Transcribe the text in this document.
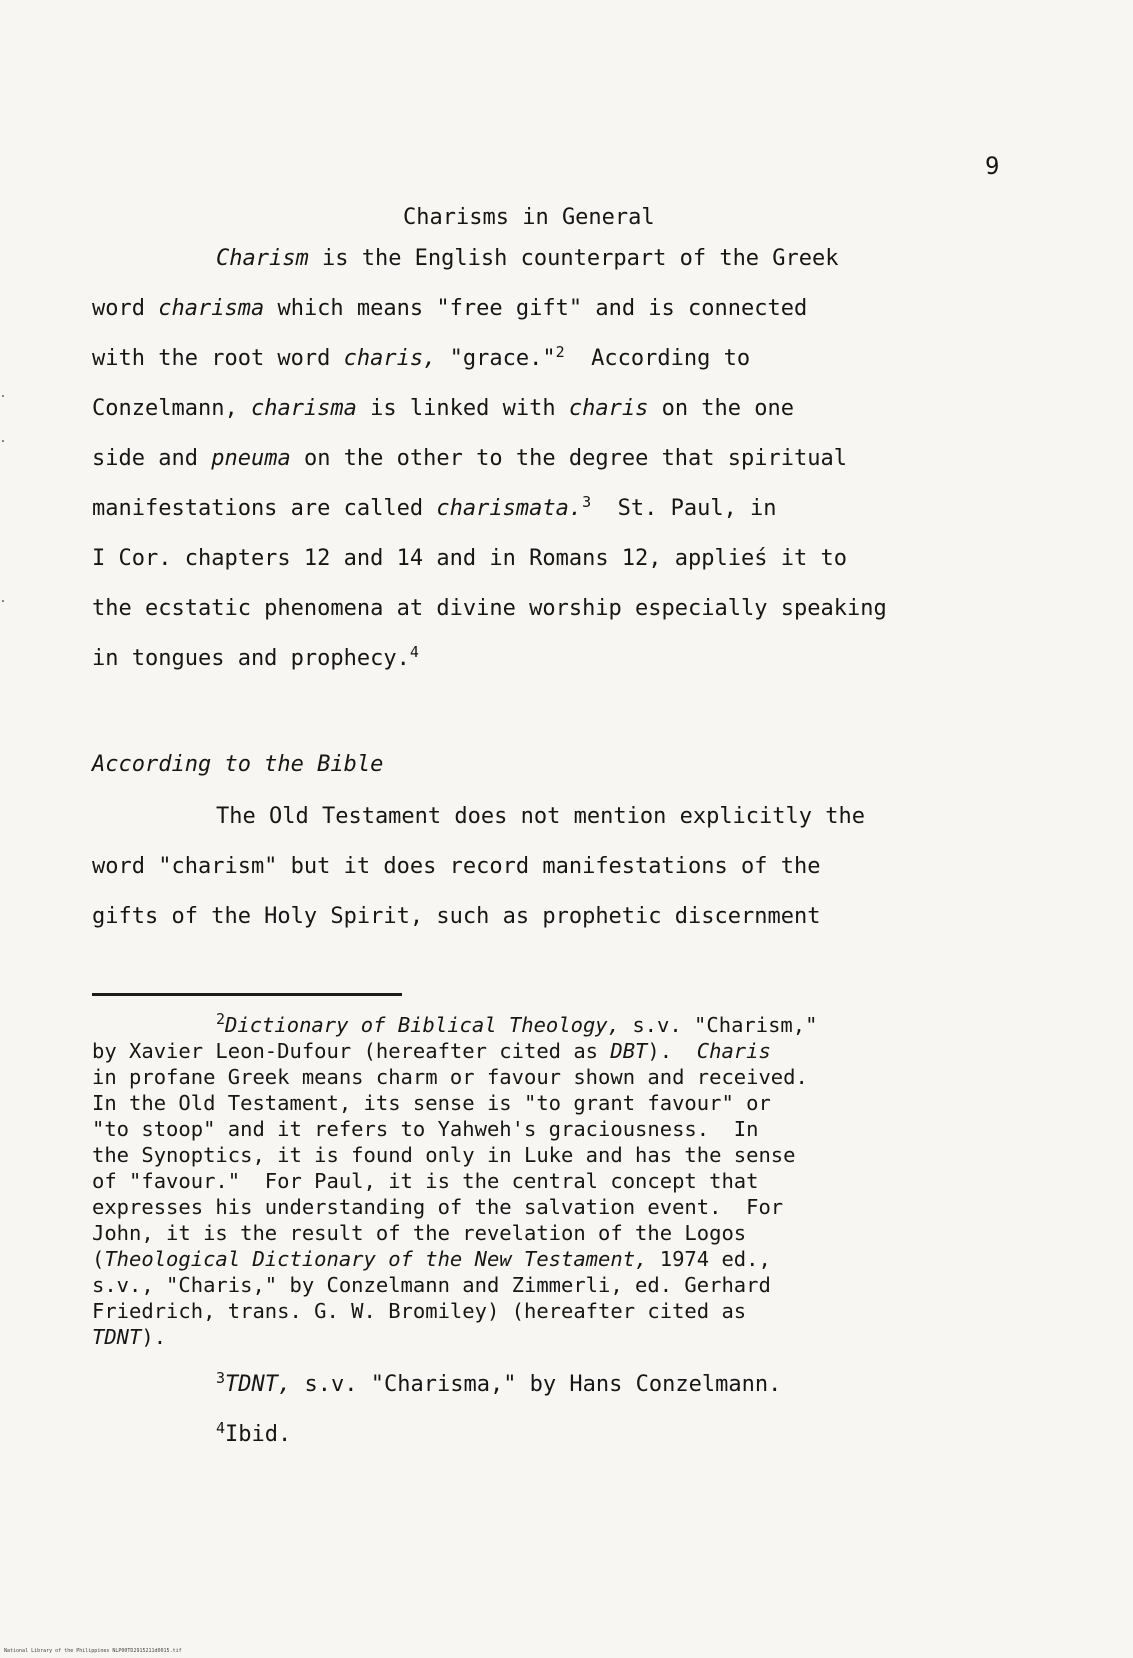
9
Charisms in General
Charism is the English counterpart of the Greek
word charisma which means "free gift" and is connected
with the root word charis, "grace."$^2$  According to
Conzelmann, charisma is linked with charis on the one
side and pneuma on the other to the degree that spiritual
manifestations are called charismata.$^3$  St. Paul, in
I Cor. chapters 12 and 14 and in Romans 12, applieś it to
the ecstatic phenomena at divine worship especially speaking
in tongues and prophecy.$^4$
According to the Bible
The Old Testament does not mention explicitly the
word "charism" but it does record manifestations of the
gifts of the Holy Spirit, such as prophetic discernment
$^2$Dictionary of Biblical Theology, s.v. "Charism,"
by Xavier Leon-Dufour (hereafter cited as DBT).  Charis
in profane Greek means charm or favour shown and received.
In the Old Testament, its sense is "to grant favour" or
"to stoop" and it refers to Yahweh's graciousness.  In
the Synoptics, it is found only in Luke and has the sense
of "favour."  For Paul, it is the central concept that
expresses his understanding of the salvation event.  For
John, it is the result of the revelation of the Logos
(Theological Dictionary of the New Testament, 1974 ed.,
s.v., "Charis," by Conzelmann and Zimmerli, ed. Gerhard
Friedrich, trans. G. W. Bromiley) (hereafter cited as
TDNT).
$^3$TDNT, s.v. "Charisma," by Hans Conzelmann.
$^4$Ibid.
National Library of the Philippines NLP00TD2915211d0015.tif
